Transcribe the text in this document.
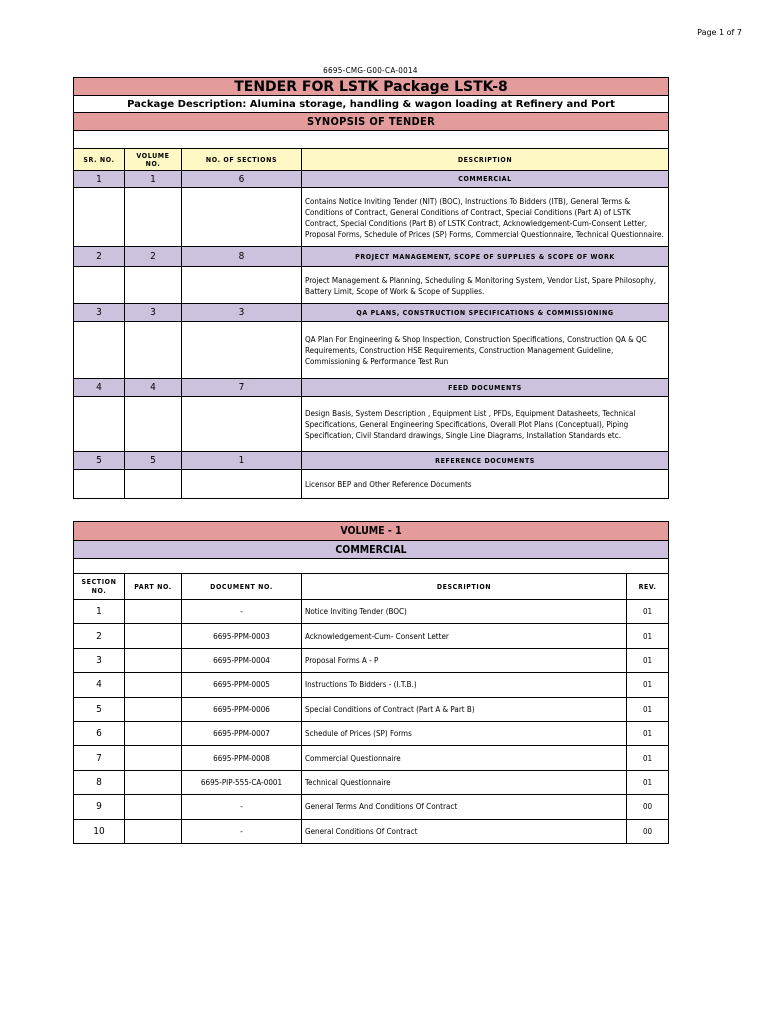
Page 1 of 7
6695-CMG-G00-CA-0014
TENDER FOR LSTK Package LSTK-8			
Package Description: Alumina storage, handling & wagon loading at Refinery and Port			
SYNOPSIS OF TENDER			

SR. NO.	VOLUME NO.	NO. OF SECTIONS	DESCRIPTION
1	1	6	COMMERCIAL
			Contains Notice Inviting Tender (NIT) (BOC), Instructions To Bidders (ITB), General Terms & Conditions of Contract, General Conditions of Contract, Special Conditions (Part A) of LSTK Contract, Special Conditions (Part B) of LSTK Contract, Acknowledgement-Cum-Consent Letter, Proposal Forms, Schedule of Prices (SP) Forms, Commercial Questionnaire, Technical Questionnaire.
2	2	8	PROJECT MANAGEMENT, SCOPE OF SUPPLIES & SCOPE OF WORK
			Project Management & Planning, Scheduling & Monitoring System, Vendor List, Spare Philosophy, Battery Limit, Scope of Work & Scope of Supplies.
3	3	3	QA PLANS, CONSTRUCTION SPECIFICATIONS & COMMISSIONING
			QA Plan For Engineering & Shop Inspection, Construction Specifications, Construction QA & QC Requirements, Construction HSE Requirements, Construction Management Guideline, Commissioning & Performance Test Run
4	4	7	FEED DOCUMENTS
			Design Basis, System Description , Equipment List , PFDs, Equipment Datasheets, Technical Specifications, General Engineering Specifications, Overall Plot Plans (Conceptual), Piping Specification, Civil Standard drawings, Single Line Diagrams, Installation Standards etc.
5	5	1	REFERENCE DOCUMENTS
			Licensor BEP and Other Reference Documents
VOLUME - 1				
COMMERCIAL				

SECTION NO.	PART NO.	DOCUMENT NO.	DESCRIPTION	REV.
1		-	Notice Inviting Tender (BOC)	01
2		6695-PPM-0003	Acknowledgement-Cum- Consent Letter	01
3		6695-PPM-0004	Proposal Forms A - P	01
4		6695-PPM-0005	Instructions To Bidders - (I.T.B.)	01
5		6695-PPM-0006	Special Conditions of Contract (Part A & Part B)	01
6		6695-PPM-0007	Schedule of Prices (SP) Forms	01
7		6695-PPM-0008	Commercial Questionnaire	01
8		6695-PIP-555-CA-0001	Technical Questionnaire	01
9		-	General Terms And Conditions Of Contract	00
10		-	General Conditions Of Contract	00
